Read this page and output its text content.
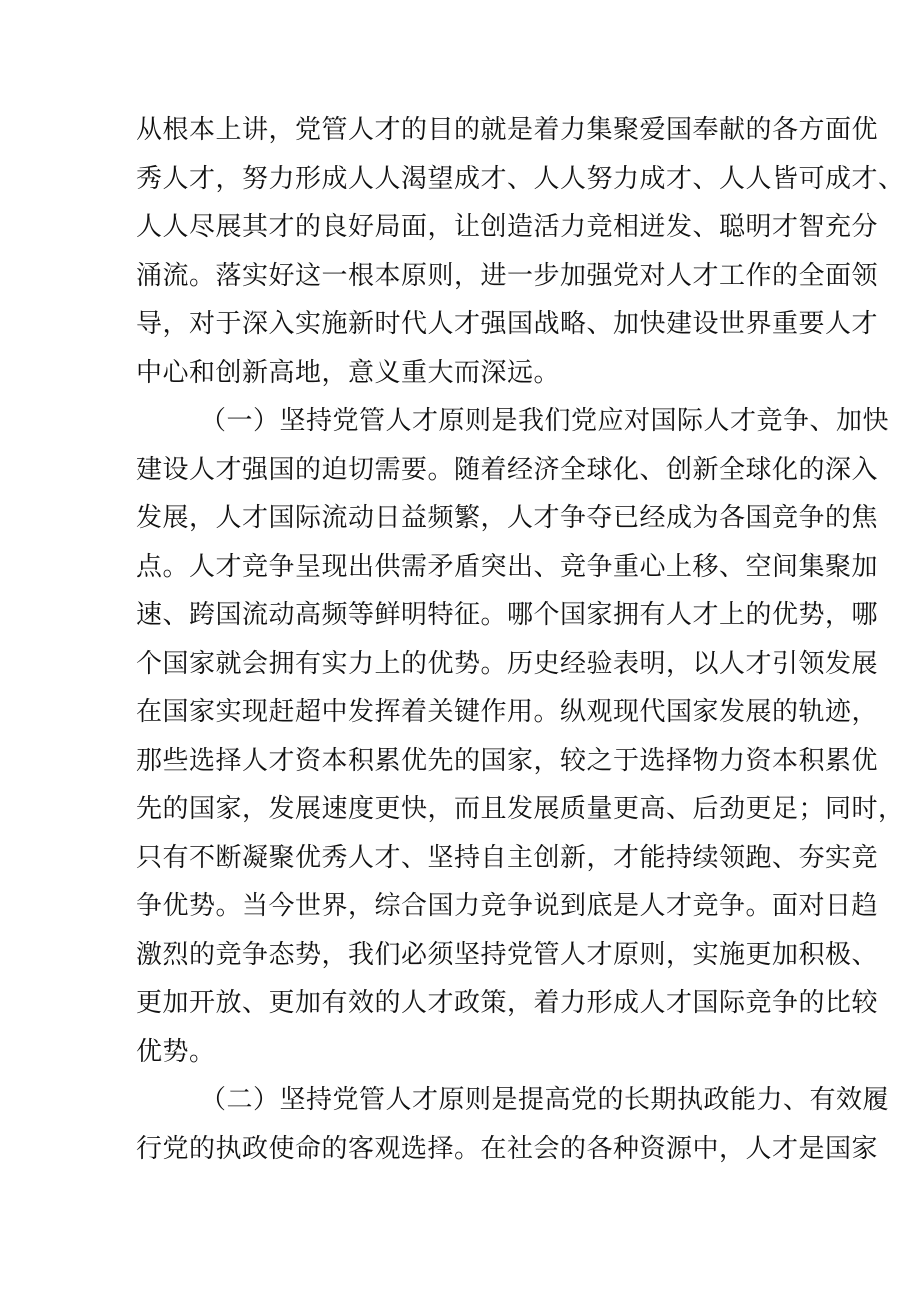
从根本上讲，党管人才的目的就是着力集聚爱国奉献的各方面优
秀人才，努力形成人人渴望成才、人人努力成才、人人皆可成才、
人人尽展其才的良好局面，让创造活力竞相迸发、聪明才智充分
涌流。落实好这一根本原则，进一步加强党对人才工作的全面领
导，对于深入实施新时代人才强国战略、加快建设世界重要人才
中心和创新高地，意义重大而深远。
（一）坚持党管人才原则是我们党应对国际人才竞争、加快
建设人才强国的迫切需要。随着经济全球化、创新全球化的深入
发展，人才国际流动日益频繁，人才争夺已经成为各国竞争的焦
点。人才竞争呈现出供需矛盾突出、竞争重心上移、空间集聚加
速、跨国流动高频等鲜明特征。哪个国家拥有人才上的优势，哪
个国家就会拥有实力上的优势。历史经验表明，以人才引领发展
在国家实现赶超中发挥着关键作用。纵观现代国家发展的轨迹，
那些选择人才资本积累优先的国家，较之于选择物力资本积累优
先的国家，发展速度更快，而且发展质量更高、后劲更足；同时，
只有不断凝聚优秀人才、坚持自主创新，才能持续领跑、夯实竞
争优势。当今世界，综合国力竞争说到底是人才竞争。面对日趋
激烈的竞争态势，我们必须坚持党管人才原则，实施更加积极、
更加开放、更加有效的人才政策，着力形成人才国际竞争的比较
优势。
（二）坚持党管人才原则是提高党的长期执政能力、有效履
行党的执政使命的客观选择。在社会的各种资源中，人才是国家
